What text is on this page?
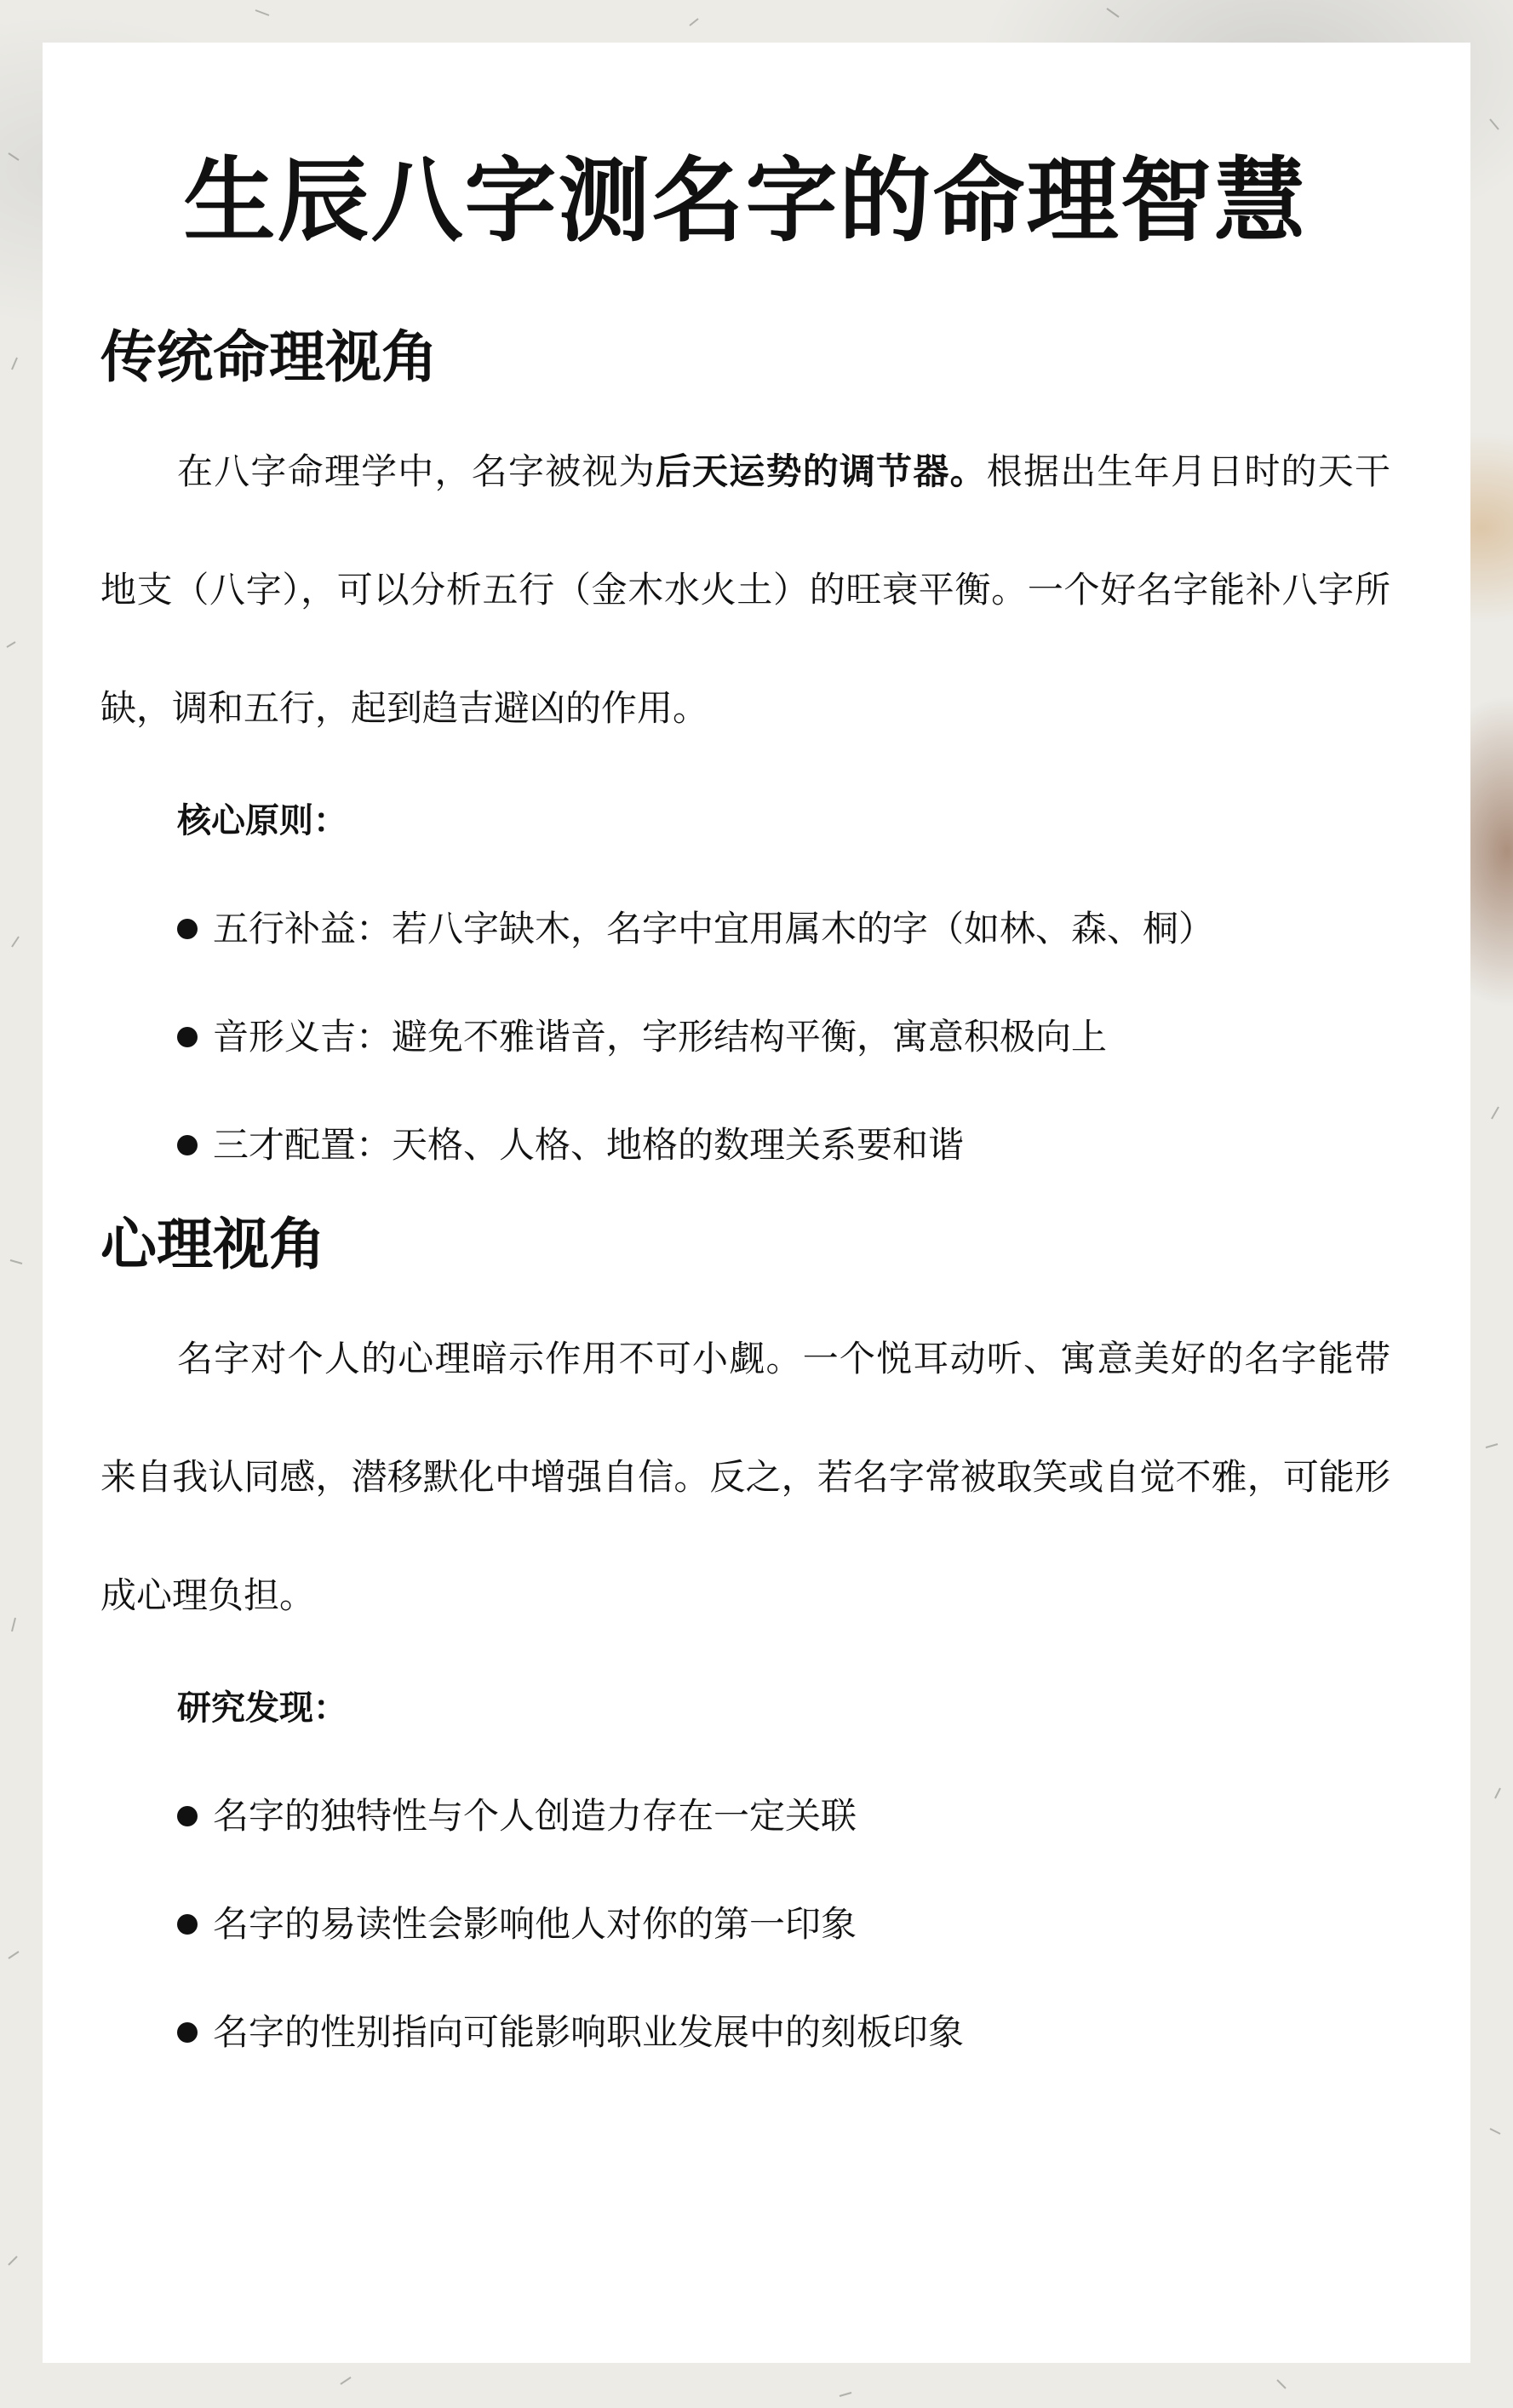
生辰八字测名字的命理智慧
传统命理视角

在八字命理学中，名字被视为后天运势的调节器。根据出生年月日时的天干地支（八字），可以分析五行（金木水火土）的旺衰平衡。一个好名字能补八字所缺，调和五行，起到趋吉避凶的作用。

核心原则：
五行补益：若八字缺木，名字中宜用属木的字（如林、森、桐）
音形义吉：避免不雅谐音，字形结构平衡，寓意积极向上
三才配置：天格、人格、地格的数理关系要和谐
心理视角

名字对个人的心理暗示作用不可小觑。一个悦耳动听、寓意美好的名字能带来自我认同感，潜移默化中增强自信。反之，若名字常被取笑或自觉不雅，可能形成心理负担。

研究发现：
名字的独特性与个人创造力存在一定关联
名字的易读性会影响他人对你的第一印象
名字的性别指向可能影响职业发展中的刻板印象
